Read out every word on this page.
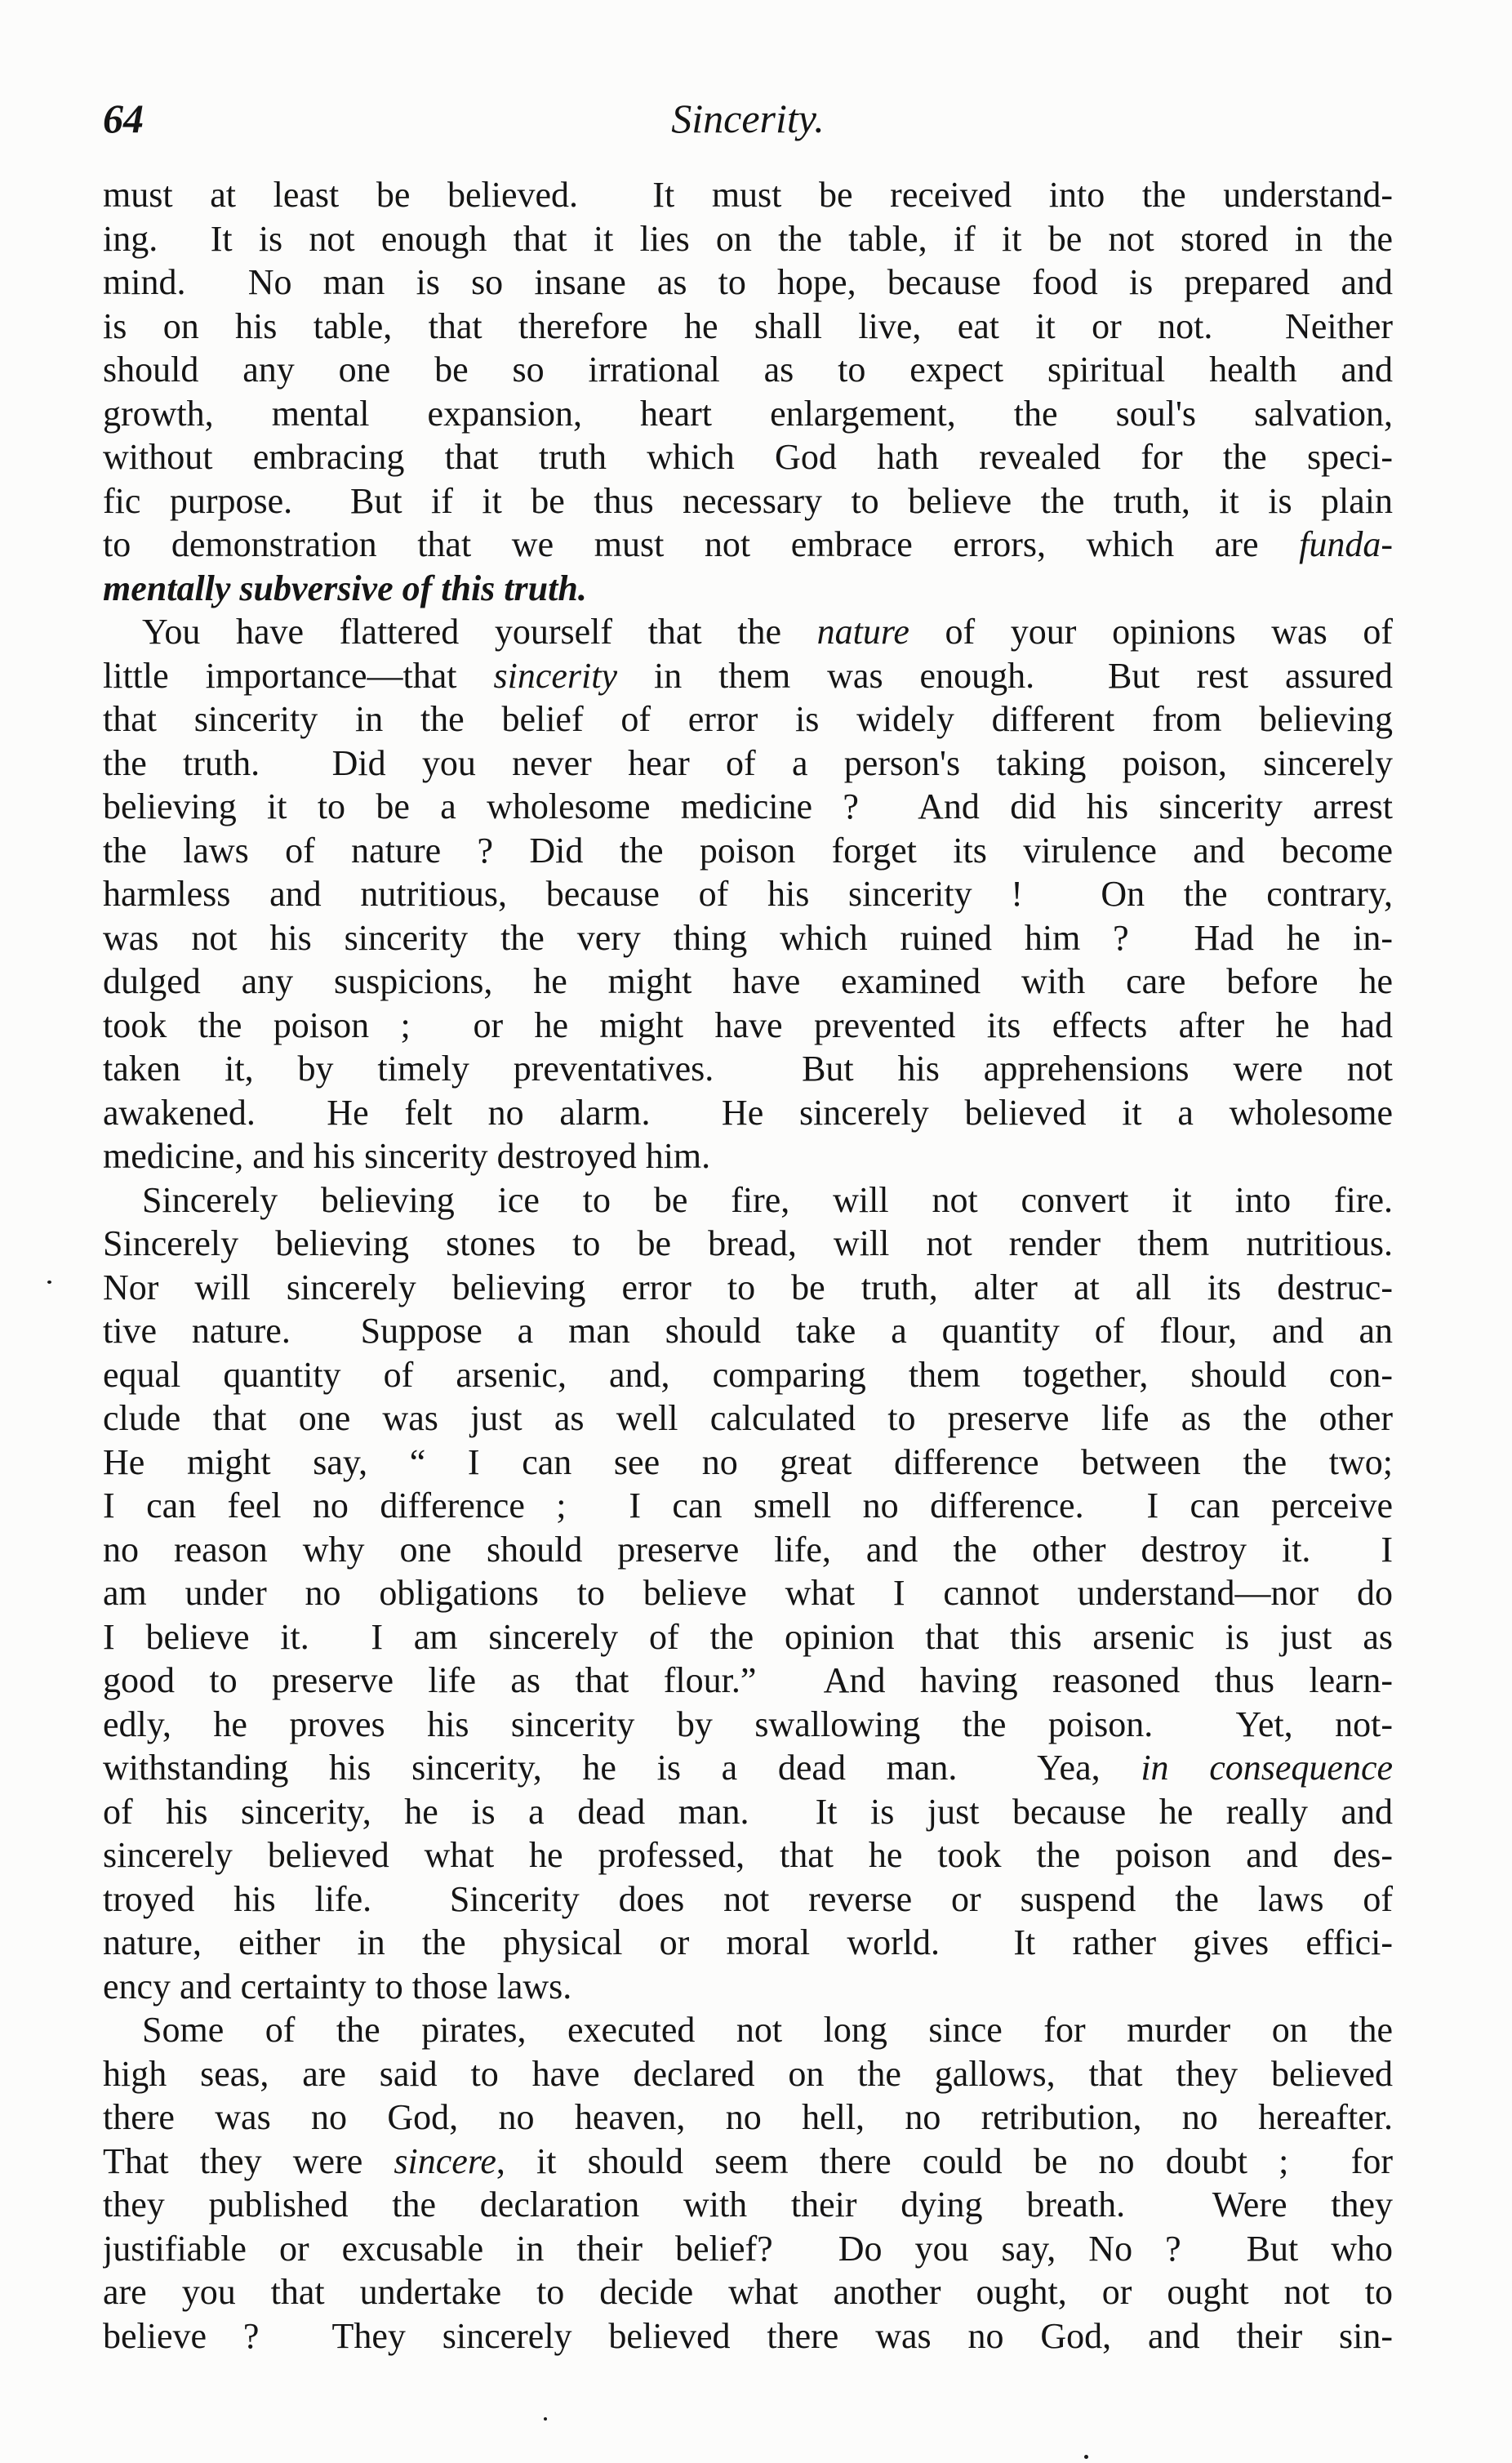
64	Sincerity.
must at least be believed.  It must be received into the understand-
ing.  It is not enough that it lies on the table, if it be not stored in the
mind.  No man is so insane as to hope, because food is prepared and
is on his table, that therefore he shall live, eat it or not.  Neither
should any one be so irrational as to expect spiritual health and
growth, mental expansion, heart enlargement, the soul's salvation,
without embracing that truth which God hath revealed for the speci-
fic purpose.  But if it be thus necessary to believe the truth, it is plain
to demonstration that we must not embrace errors, which are funda-
mentally subversive of this truth.
You have flattered yourself that the nature of your opinions was of
little importance—that sincerity in them was enough.  But rest assured
that sincerity in the belief of error is widely different from believing
the truth.  Did you never hear of a person's taking poison, sincerely
believing it to be a wholesome medicine ?  And did his sincerity arrest
the laws of nature ? Did the poison forget its virulence and become
harmless and nutritious, because of his sincerity !  On the contrary,
was not his sincerity the very thing which ruined him ?  Had he in-
dulged any suspicions, he might have examined with care before he
took the poison ;  or he might have prevented its effects after he had
taken it, by timely preventatives.  But his apprehensions were not
awakened.  He felt no alarm.  He sincerely believed it a wholesome
medicine, and his sincerity destroyed him.
Sincerely believing ice to be fire, will not convert it into fire.
Sincerely believing stones to be bread, will not render them nutritious.
Nor will sincerely believing error to be truth, alter at all its destruc-
tive nature.  Suppose a man should take a quantity of flour, and an
equal quantity of arsenic, and, comparing them together, should con-
clude that one was just as well calculated to preserve life as the other
He might say, “ I can see no great difference between the two;
I can feel no difference ;  I can smell no difference.  I can perceive
no reason why one should preserve life, and the other destroy it.  I
am under no obligations to believe what I cannot understand—nor do
I believe it.  I am sincerely of the opinion that this arsenic is just as
good to preserve life as that flour.”  And having reasoned thus learn-
edly, he proves his sincerity by swallowing the poison.  Yet, not-
withstanding his sincerity, he is a dead man.  Yea, in consequence
of his sincerity, he is a dead man.  It is just because he really and
sincerely believed what he professed, that he took the poison and des-
troyed his life.  Sincerity does not reverse or suspend the laws of
nature, either in the physical or moral world.  It rather gives effici-
ency and certainty to those laws.
Some of the pirates, executed not long since for murder on the
high seas, are said to have declared on the gallows, that they believed
there was no God, no heaven, no hell, no retribution, no hereafter.
That they were sincere, it should seem there could be no doubt ;  for
they published the declaration with their dying breath.  Were they
justifiable or excusable in their belief?  Do you say, No ?  But who
are you that undertake to decide what another ought, or ought not to
believe ?  They sincerely believed there was no God, and their sin-
